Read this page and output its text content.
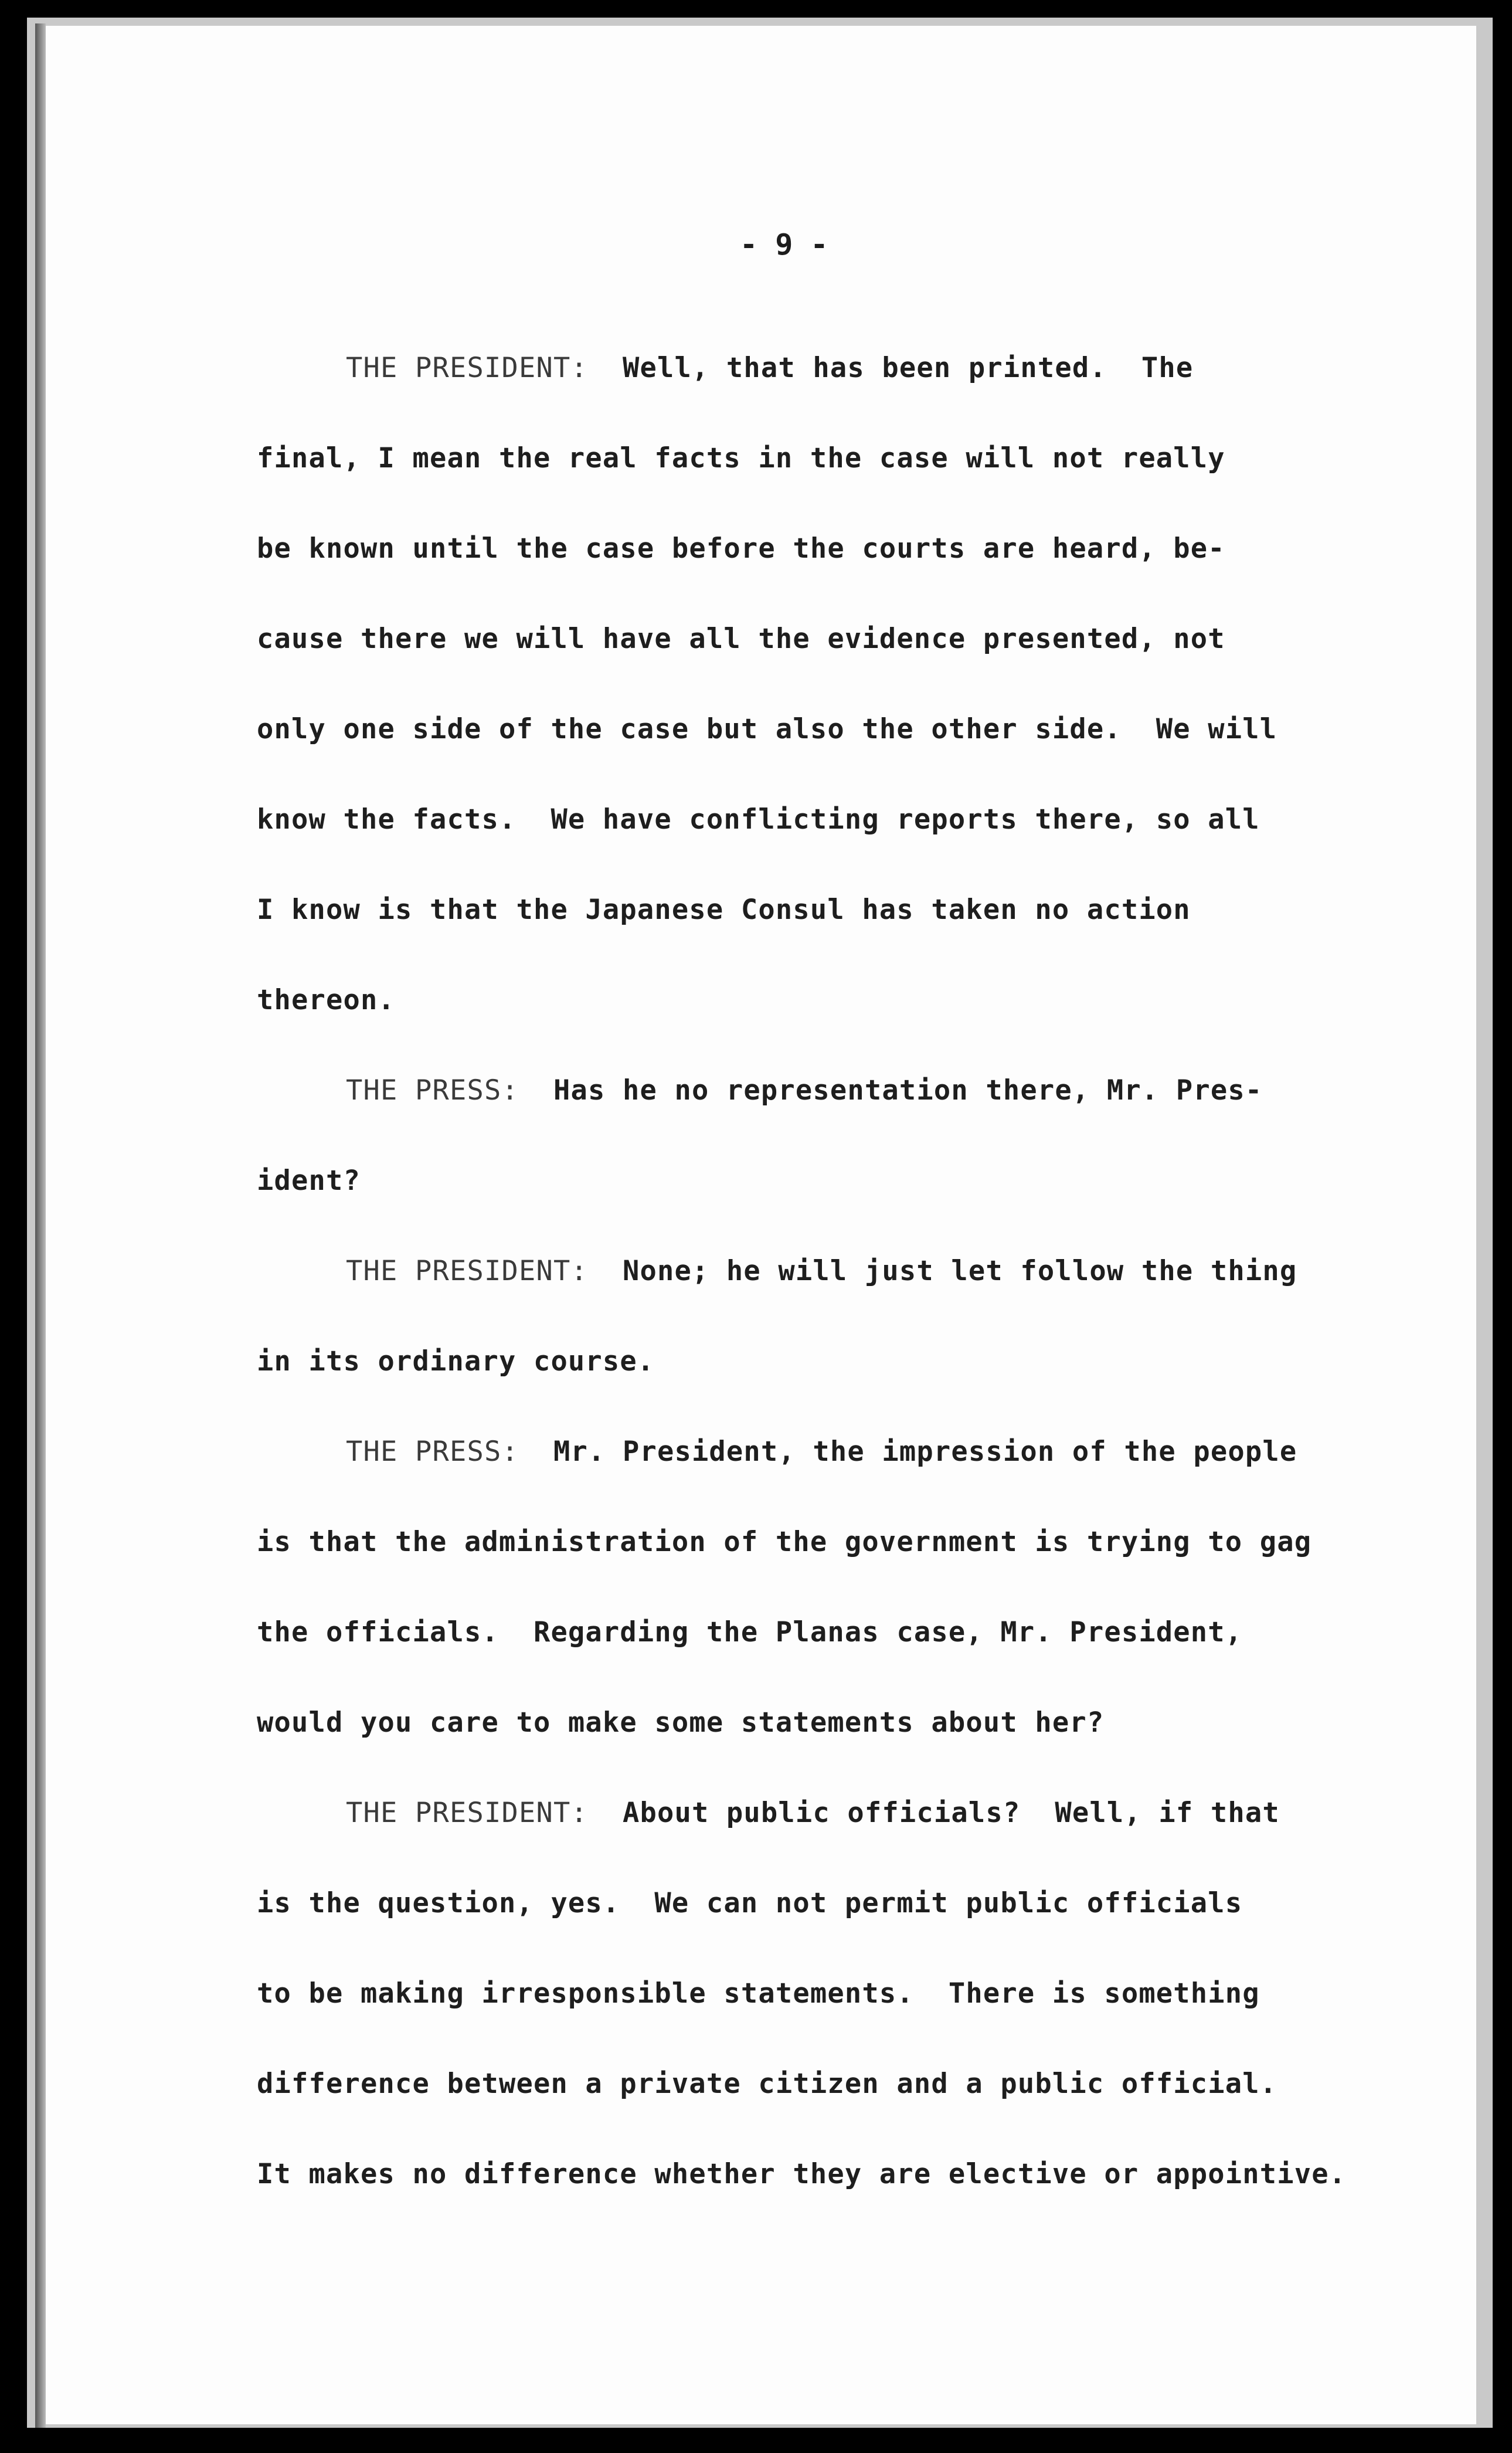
- 9 -
THE PRESIDENT: Well, that has been printed.  The
final, I mean the real facts in the case will not really
be known until the case before the courts are heard, be-
cause there we will have all the evidence presented, not
only one side of the case but also the other side.  We will
know the facts.  We have conflicting reports there, so all
I know is that the Japanese Consul has taken no action
thereon.
THE PRESS: Has he no representation there, Mr. Pres-
ident?
THE PRESIDENT: None; he will just let follow the thing
in its ordinary course.
THE PRESS: Mr. President, the impression of the people
is that the administration of the government is trying to gag
the officials.  Regarding the Planas case, Mr. President,
would you care to make some statements about her?
THE PRESIDENT: About public officials?  Well, if that
is the question, yes.  We can not permit public officials
to be making irresponsible statements.  There is something
difference between a private citizen and a public official.
It makes no difference whether they are elective or appointive.
